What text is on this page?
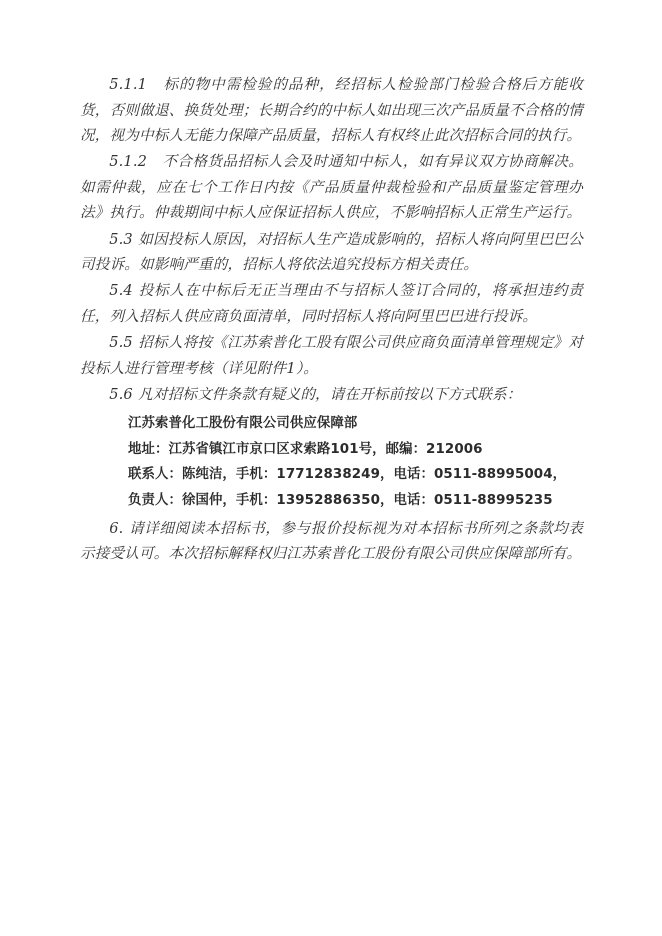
5.1.1　标的物中需检验的品种，经招标人检验部门检验合格后方能收货，否则做退、换货处理；长期合约的中标人如出现三次产品质量不合格的情况，视为中标人无能力保障产品质量，招标人有权终止此次招标合同的执行。

5.1.2　不合格货品招标人会及时通知中标人，如有异议双方协商解决。如需仲裁，应在七个工作日内按《产品质量仲裁检验和产品质量鉴定管理办法》执行。仲裁期间中标人应保证招标人供应，不影响招标人正常生产运行。

5.3 如因投标人原因，对招标人生产造成影响的，招标人将向阿里巴巴公司投诉。如影响严重的，招标人将依法追究投标方相关责任。

5.4 投标人在中标后无正当理由不与招标人签订合同的，将承担违约责任，列入招标人供应商负面清单，同时招标人将向阿里巴巴进行投诉。

5.5 招标人将按《江苏索普化工股有限公司供应商负面清单管理规定》对投标人进行管理考核（详见附件1）。

5.6 凡对招标文件条款有疑义的，请在开标前按以下方式联系：

江苏索普化工股份有限公司供应保障部
地址：江苏省镇江市京口区求索路101号，邮编：212006
联系人：陈纯洁，手机：17712838249，电话：0511-88995004，
负责人：徐国仲，手机：13952886350，电话：0511-88995235

6. 请详细阅读本招标书，参与报价投标视为对本招标书所列之条款均表示接受认可。本次招标解释权归江苏索普化工股份有限公司供应保障部所有。
